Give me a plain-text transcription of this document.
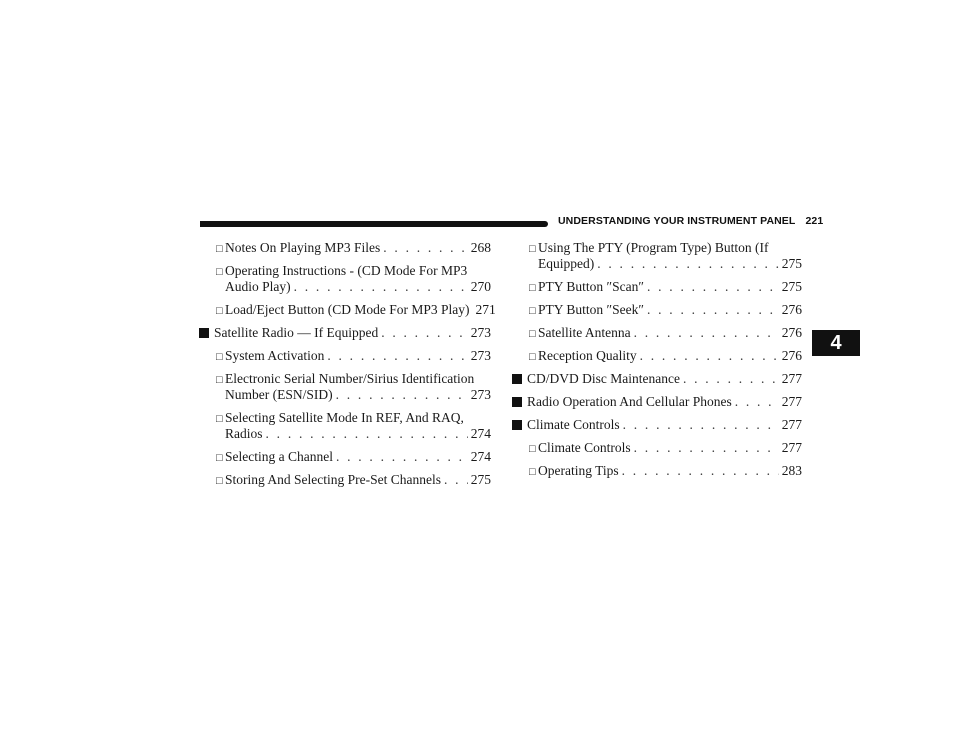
UNDERSTANDING YOUR INSTRUMENT PANEL 221
4
□ Notes On Playing MP3 Files . . .	268
□ Operating Instructions - (CD Mode For MP3
Audio Play) . . .	270
□ Load/Eject Button (CD Mode For MP3 Play) 271
Satellite Radio — If Equipped . . .	273
□ System Activation . . .	273
□ Electronic Serial Number/Sirius Identification
Number (ESN/SID) . . .	273
□ Selecting Satellite Mode In REF, And RAQ,
Radios . . .	274
□ Selecting a Channel . . .	274
□ Storing And Selecting Pre-Set Channels . . . 275
□ Using The PTY (Program Type) Button (If
Equipped) . . .	275
□ PTY Button ″Scan″ . . .	275
□ PTY Button ″Seek″ . . .	276
□ Satellite Antenna . . .	276
□ Reception Quality . . .	276
CD/DVD Disc Maintenance . . .	277
Radio Operation And Cellular Phones . . .	277
Climate Controls . . .	277
□ Climate Controls . . .	277
□ Operating Tips . . .	283
